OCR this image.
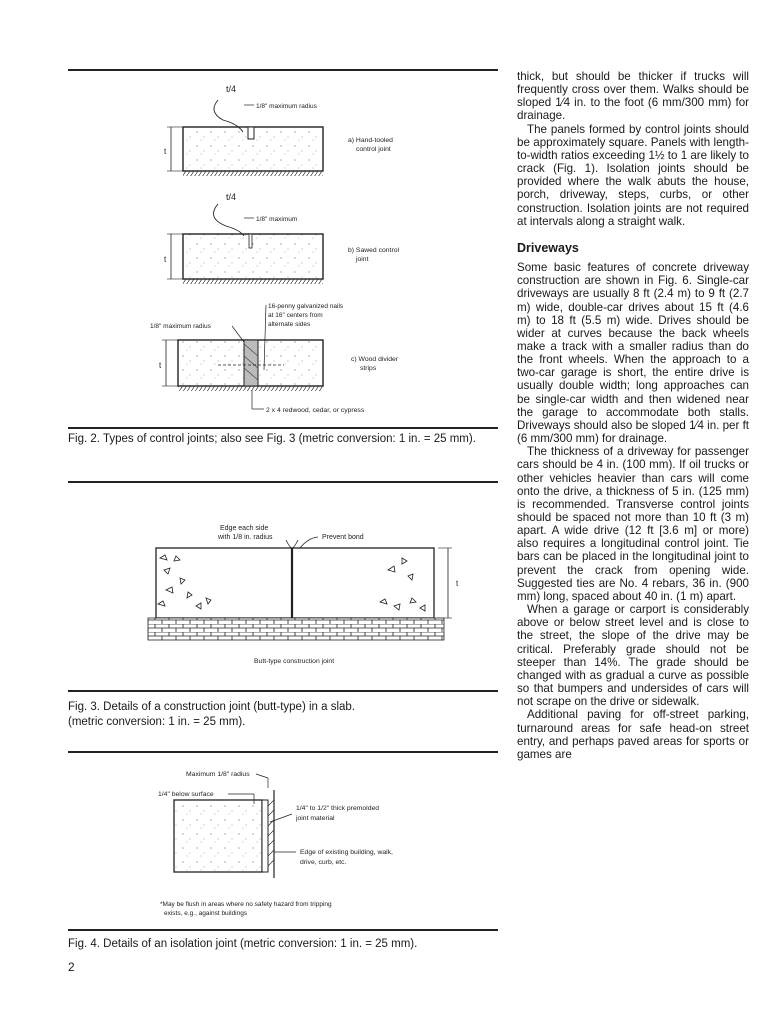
t/4
1/8" maximum radius
t
a) Hand-tooled
control joint
t/4
1/8" maximum
t
b) Sawed control
joint
16-penny galvanized nails
at 16" centers from
alternate sides
1/8" maximum radius
t
c) Wood divider
strips
2 x 4 redwood, cedar, or cypress
Fig. 2. Types of control joints; also see Fig. 3 (metric conversion: 1 in. = 25 mm).
Edge each side
with 1/8 in. radius	Prevent bond
t
Butt-type construction joint
Fig. 3. Details of a construction joint (butt-type) in a slab.
(metric conversion: 1 in. = 25 mm).
Maximum 1/8" radius
1/4" below surface
1/4" to 1/2" thick premolded
joint material
Edge of existing building, walk,
drive, curb, etc.
*May be flush in areas where no safety hazard from tripping
exists, e.g., against buildings
Fig. 4. Details of an isolation joint (metric conversion: 1 in. = 25 mm).

thick, but should be thicker if trucks will frequently cross over them. Walks should be sloped 1⁄4 in. to the foot (6 mm/300 mm) for drainage.

The panels formed by control joints should be approximately square. Panels with length-to-width ratios exceeding 1½ to 1 are likely to crack (Fig. 1). Isolation joints should be provided where the walk abuts the house, porch, driveway, steps, curbs, or other construction. Isolation joints are not required at intervals along a straight walk.

Driveways

Some basic features of concrete driveway construction are shown in Fig. 6. Single-car driveways are usually 8 ft (2.4 m) to 9 ft (2.7 m) wide, double-car drives about 15 ft (4.6 m) to 18 ft (5.5 m) wide. Drives should be wider at curves because the back wheels make a track with a smaller radius than do the front wheels. When the approach to a two-car garage is short, the entire drive is usually double width; long approaches can be single-car width and then widened near the garage to accommodate both stalls. Driveways should also be sloped 1⁄4 in. per ft (6 mm/300 mm) for drainage.

The thickness of a driveway for passenger cars should be 4 in. (100 mm). If oil trucks or other vehicles heavier than cars will come onto the drive, a thickness of 5 in. (125 mm) is recommended. Transverse control joints should be spaced not more than 10 ft (3 m) apart. A wide drive (12 ft [3.6 m] or more) also requires a longitudinal control joint. Tie bars can be placed in the longitudinal joint to prevent the crack from opening wide. Suggested ties are No. 4 rebars, 36 in. (900 mm) long, spaced about 40 in. (1 m) apart.

When a garage or carport is considerably above or below street level and is close to the street, the slope of the drive may be critical. Preferably grade should not be steeper than 14%. The grade should be changed with as gradual a curve as possible so that bumpers and undersides of cars will not scrape on the drive or sidewalk.

Additional paving for off-street parking, turnaround areas for safe head-on street entry, and perhaps paved areas for sports or games are

2
